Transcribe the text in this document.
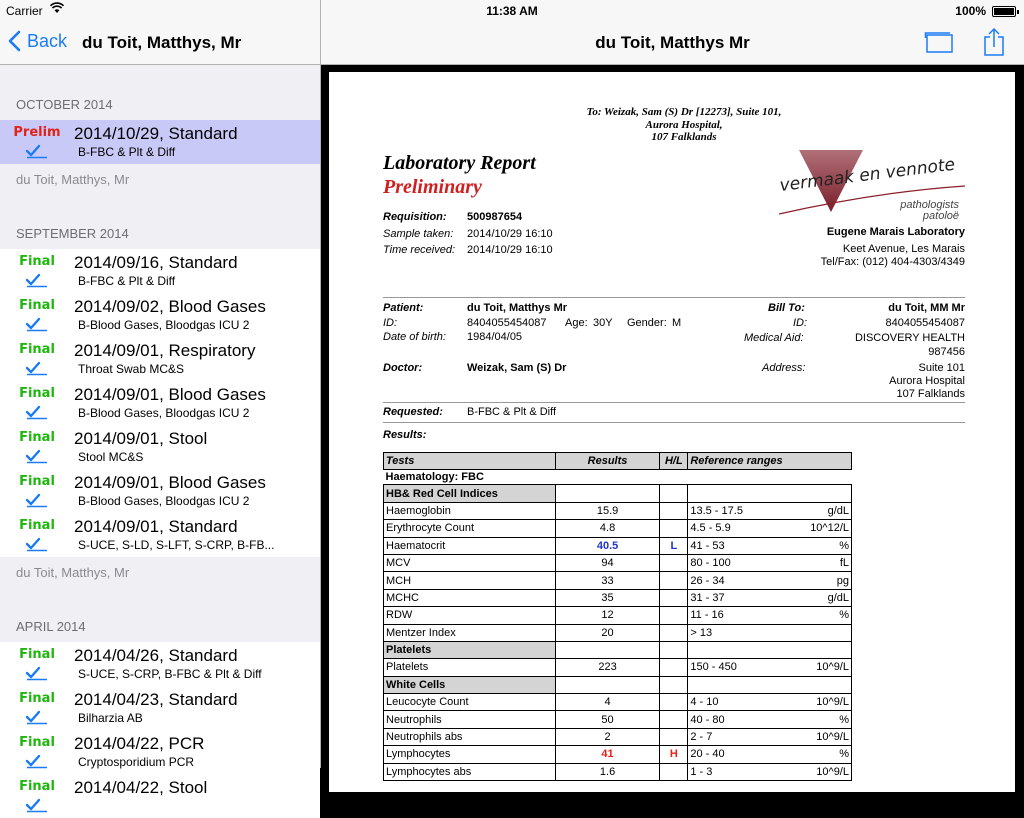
Carrier	11:38 AM	100%
Back du Toit, Matthys, Mr	du Toit, Matthys Mr
OCTOBER 2014
Prelim 2014/10/29, Standard
B-FBC & Plt & Diff
du Toit, Matthys, Mr
SEPTEMBER 2014
Final	2014/09/16, Standard
B-FBC & Plt & Diff
Final	2014/09/02, Blood Gases
B-Blood Gases, Bloodgas ICU 2
Final	2014/09/01, Respiratory
Throat Swab MC&S
Final	2014/09/01, Blood Gases
B-Blood Gases, Bloodgas ICU 2
Final	2014/09/01, Stool
Stool MC&S
Final	2014/09/01, Blood Gases
B-Blood Gases, Bloodgas ICU 2
Final	2014/09/01, Standard
S-UCE, S-LD, S-LFT, S-CRP, B-FB...
du Toit, Matthys, Mr
APRIL 2014
Final	2014/04/26, Standard
S-UCE, S-CRP, B-FBC & Plt & Diff
Final	2014/04/23, Standard
Bilharzia AB
Final	2014/04/22, PCR
Cryptosporidium PCR
Final	2014/04/22, Stool
To: Weizak, Sam (S) Dr [12273], Suite 101,
Aurora Hospital,
107 Falklands
Laboratory Report
Preliminary
Requisition: 500987654
Sample taken: 2014/10/29 16:10
Time received: 2014/10/29 16:10
vermaak en vennote
pathologists
patoloë
Eugene Marais Laboratory
Keet Avenue, Les Marais
Tel/Fax: (012) 404-4303/4349
Patient:	du Toit, Matthys Mr
ID:	8404055454087 Age: 30Y Gender: M
Date of birth: 1984/04/05
Bill To:	du Toit, MM Mr
ID:	8404055454087
Medical Aid:	DISCOVERY HEALTH
987456
Doctor:	Weizak, Sam (S) Dr	Address:	Suite 101
Aurora Hospital
107 Falklands
Requested: B-FBC & Plt & Diff
Results:
Tests	Results	H/L	Reference ranges
Haematology: FBC			
HB& Red Cell Indices			
Haemoglobin	15.9		13.5 - 17.5 g/dL

Erythrocyte Count	4.8		4.5 - 5.9 10^12/L

Haematocrit	40.5	L	41 - 53 %

MCV	94		80 - 100 fL

MCH	33		26 - 34 pg

MCHC	35		31 - 37 g/dL

RDW	12		11 - 16 %

Mentzer Index	20		> 13

Platelets			
Platelets	223		150 - 450 10^9/L

White Cells			
Leucocyte Count	4		4 - 10 10^9/L

Neutrophils	50		40 - 80 %

Neutrophils abs	2		2 - 7 10^9/L

Lymphocytes	41	H	20 - 40 %

Lymphocytes abs	1.6		1 - 3 10^9/L
